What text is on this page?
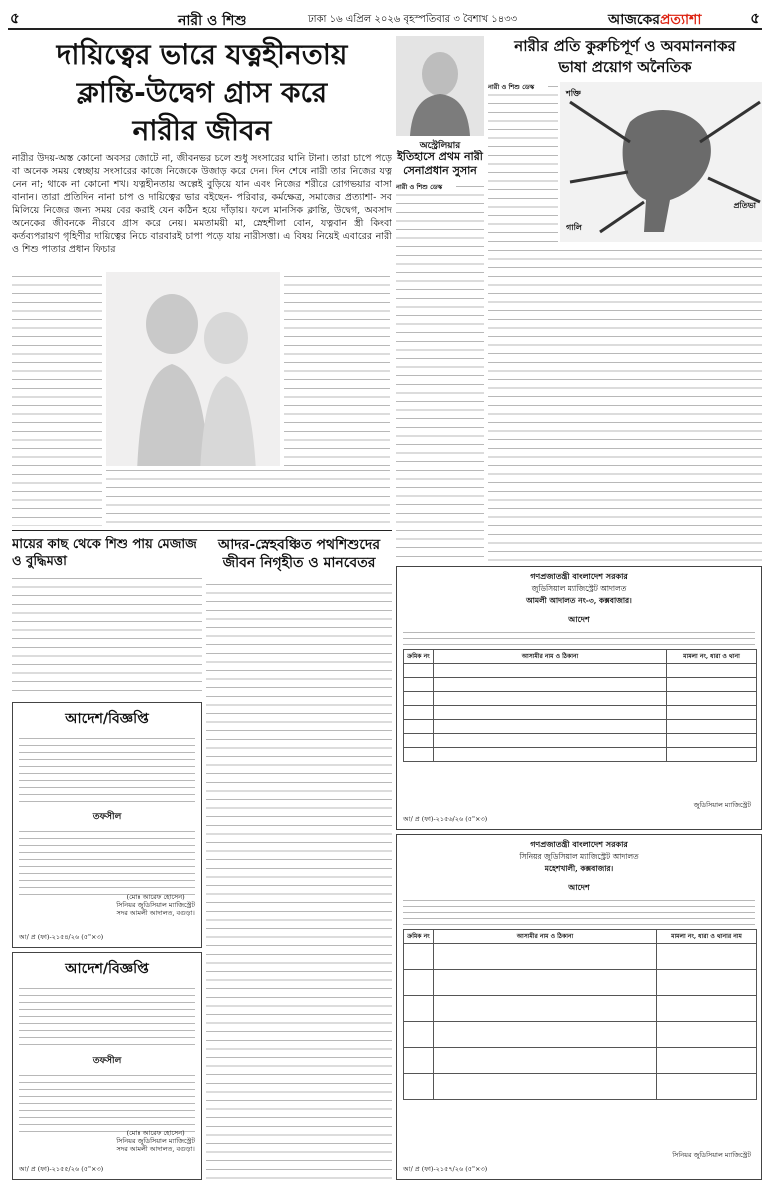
৫	নারী ও শিশু	ঢাকা ১৬ এপ্রিল ২০২৬ বৃহস্পতিবার ৩ বৈশাখ ১৪৩৩	আজকেরপ্রত্যাশা	৫
দায়িত্বের ভারে যত্নহীনতায়
ক্লান্তি-উদ্বেগ গ্রাস করে
নারীর জীবন
নারীর উদয়-অস্ত কোনো অবসর জোটে না, জীবনভর চলে শুধু সংসারের ঘানি টানা। তারা চাপে পড়ে বা অনেক সময় স্বেচ্ছায় সংসারের কাজে নিজেকে উজাড় করে দেন। দিন শেষে নারী তার নিজের যত্ন নেন না; থাকে না কোনো শখ। যত্নহীনতায় অল্পেই বুড়িয়ে যান এবং নিজের শরীরে রোগভয়ার বাসা বানান। তারা প্রতিদিন নানা চাপ ও দায়িত্বের ভার বইছেন- পরিবার, কর্মক্ষেত্র, সমাজের প্রত্যাশা- সব মিলিয়ে নিজের জন্য সময় বের করাই যেন কঠিন হয়ে দাঁড়ায়। ফলে মানসিক ক্লান্তি, উদ্বেগ, অবসাদ অনেকের জীবনকে নীরবে গ্রাস করে নেয়। মমতাময়ী মা, স্নেহশীলা বোন, যত্নবান স্ত্রী কিংবা কর্তব্যপরায়ণ গৃহিণীর দায়িত্বের নিচে বারবারই চাপা পড়ে যায় নারীসত্তা। এ বিষয় নিয়েই এবারের নারী ও শিশু পাতার প্রধান ফিচার
মায়ের কাছ থেকে শিশু পায় মেজাজ ও বুদ্ধিমত্তা
আদর-স্নেহবঞ্চিত পথশিশুদের
জীবন নিগৃহীত ও মানবেতর
আদেশ/বিজ্ঞপ্তি
তফসীল
(মোঃ আরেফ হোসেন)
সিনিয়র জুডিসিয়াল ম্যাজিস্ট্রেট
সদর আমলী আদালত, বগুড়া।
আ/ প্র (ফা)-২১৫৪/২৬ (৫"×৩)
আদেশ/বিজ্ঞপ্তি
তফসীল
(মোঃ আরেফ হোসেন)
সিনিয়র জুডিসিয়াল ম্যাজিস্ট্রেট
সদর আমলী আদালত, বগুড়া।
আ/ প্র (ফা)-২১৫৫/২৬ (৫"×৩)
অস্ট্রেলিয়ার
ইতিহাসে প্রথম নারী সেনাপ্রধান সুসান
নারী ও শিশু ডেস্ক
নারীর প্রতি কুরুচিপূর্ণ ও অবমাননাকর
ভাষা প্রয়োগ অনৈতিক
নারী ও শিশু ডেস্ক
শক্তি
গালি
প্রতিভা
গণপ্রজাতন্ত্রী বাংলাদেশ সরকার
জুডিসিয়াল ম্যাজিস্ট্রেট আদালত
আমলী আদালত নং-৩, কক্সবাজার।
আদেশ
ক্রমিক নং	আসামীর নাম ও ঠিকানা	মামলা নং, ধারা ও থানা

জুডিসিয়াল ম্যাজিস্ট্রেট
আ/ প্র (ফা)-২১৫৬/২৬ (৫"×৩)
গণপ্রজাতন্ত্রী বাংলাদেশ সরকার
সিনিয়র জুডিসিয়াল ম্যাজিস্ট্রেট আদালত
মহেশখালী, কক্সবাজার।
আদেশ
ক্রমিক নং	আসামীর নাম ও ঠিকানা	মামলা নং, ধারা ও থানার নাম

সিনিয়র জুডিসিয়াল ম্যাজিস্ট্রেট
আ/ প্র (ফা)-২১৫৭/২৬ (৫"×৩)
